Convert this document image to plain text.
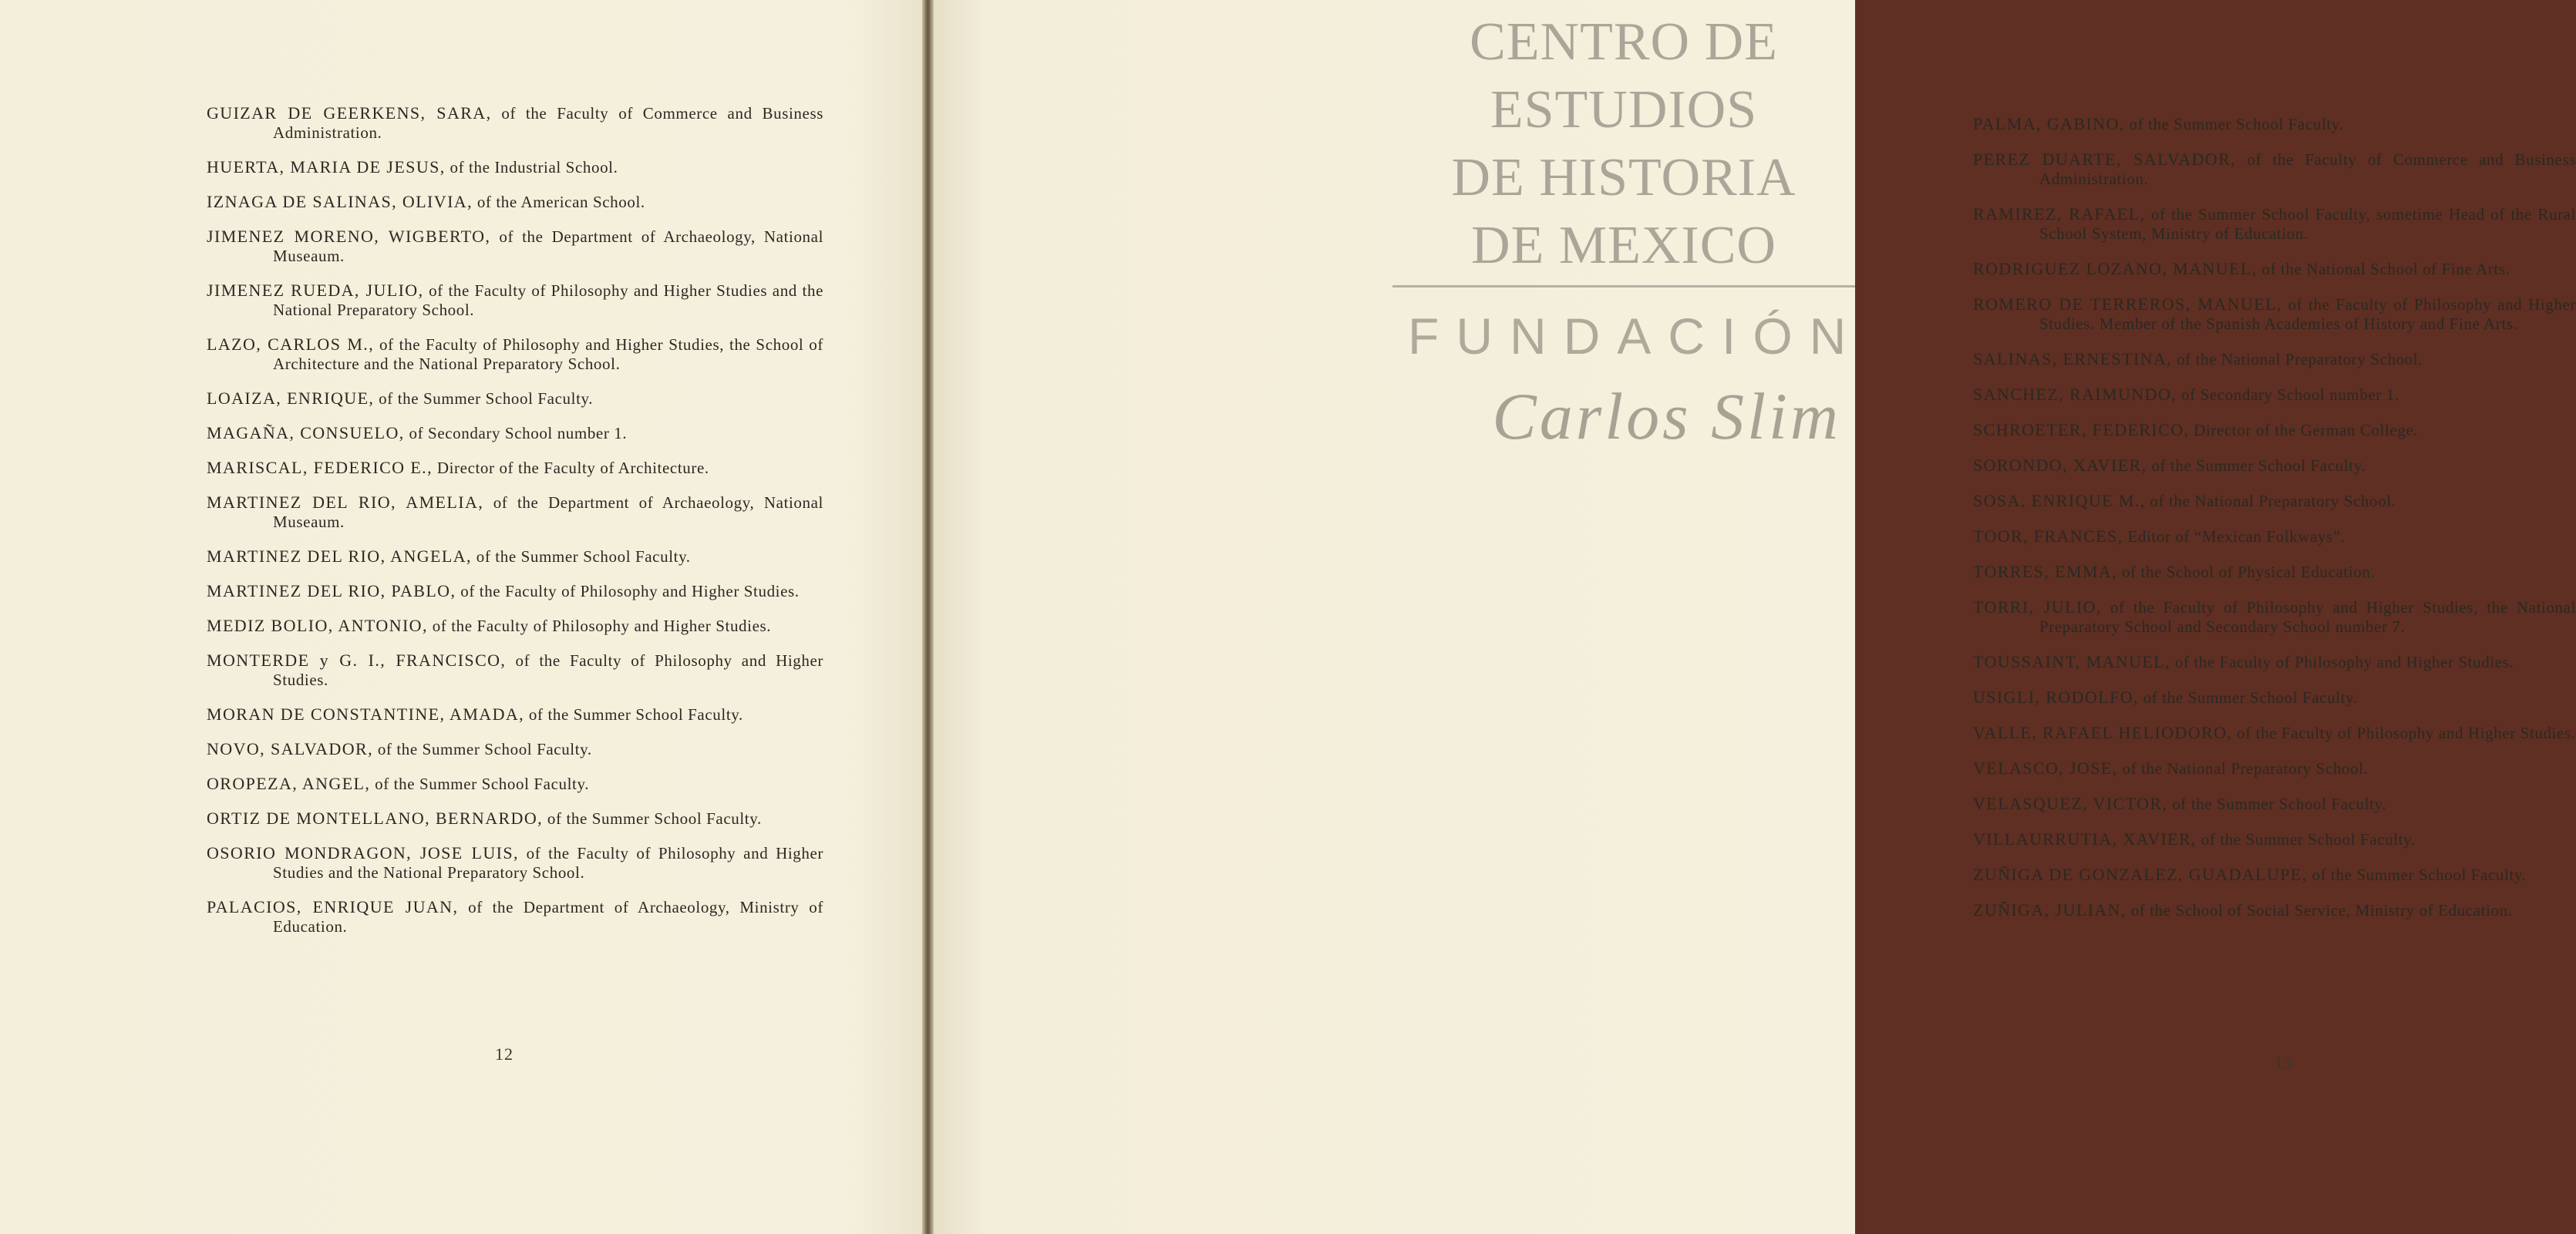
GUIZAR DE GEERKENS, SARA, of the Faculty of Commerce and Business Administration.
HUERTA, MARIA DE JESUS, of the Industrial School.
IZNAGA DE SALINAS, OLIVIA, of the American School.
JIMENEZ MORENO, WIGBERTO, of the Department of Archaeology, National Museaum.
JIMENEZ RUEDA, JULIO, of the Faculty of Philosophy and Higher Studies and the National Preparatory School.
LAZO, CARLOS M., of the Faculty of Philosophy and Higher Studies, the School of Architecture and the National Preparatory School.
LOAIZA, ENRIQUE, of the Summer School Faculty.
MAGAÑA, CONSUELO, of Secondary School number 1.
MARISCAL, FEDERICO E., Director of the Faculty of Architecture.
MARTINEZ DEL RIO, AMELIA, of the Department of Archaeology, National Museaum.
MARTINEZ DEL RIO, ANGELA, of the Summer School Faculty.
MARTINEZ DEL RIO, PABLO, of the Faculty of Philosophy and Higher Studies.
MEDIZ BOLIO, ANTONIO, of the Faculty of Philosophy and Higher Studies.
MONTERDE y G. I., FRANCISCO, of the Faculty of Philosophy and Higher Studies.
MORAN DE CONSTANTINE, AMADA, of the Summer School Faculty.
NOVO, SALVADOR, of the Summer School Faculty.
OROPEZA, ANGEL, of the Summer School Faculty.
ORTIZ DE MONTELLANO, BERNARDO, of the Summer School Faculty.
OSORIO MONDRAGON, JOSE LUIS, of the Faculty of Philosophy and Higher Studies and the National Preparatory School.
PALACIOS, ENRIQUE JUAN, of the Department of Archaeology, Ministry of Education.
12
PALMA, GABINO, of the Summer School Faculty.
PEREZ DUARTE, SALVADOR, of the Faculty of Commerce and Business Administration.
RAMIREZ, RAFAEL, of the Summer School Faculty, sometime Head of the Rural School System, Ministry of Education.
RODRIGUEZ LOZANO, MANUEL, of the National School of Fine Arts.
ROMERO DE TERREROS, MANUEL, of the Faculty of Philosophy and Higher Studies. Member of the Spanish Academies of History and Fine Arts.
SALINAS, ERNESTINA, of the National Preparatory School.
SANCHEZ, RAIMUNDO, of Secondary School number 1.
SCHROETER, FEDERICO, Director of the German College.
SORONDO, XAVIER, of the Summer School Faculty.
SOSA, ENRIQUE M., of the National Preparatory School.
TOOR, FRANCES, Editor of “Mexican Folkways”.
TORRES, EMMA, of the School of Physical Education.
TORRI, JULIO, of the Faculty of Philosophy and Higher Studies, the National Preparatory School and Secondary School number 7.
TOUSSAINT, MANUEL, of the Faculty of Philosophy and Higher Studies.
USIGLI, RODOLFO, of the Summer School Faculty.
VALLE, RAFAEL HELIODORO, of the Faculty of Philosophy and Higher Studies.
VELASCO, JOSE, of the National Preparatory School.
VELASQUEZ, VICTOR, of the Summer School Faculty.
VILLAURRUTIA, XAVIER, of the Summer School Faculty.
ZUÑIGA DE GONZALEZ, GUADALUPE, of the Summer School Faculty.
ZUÑIGA, JULIAN, of the School of Social Service, Ministry of Education.
13
CENTRO DE
ESTUDIOS
DE HISTORIA
DE MEXICO
FUNDACIÓN
Carlos Slim
